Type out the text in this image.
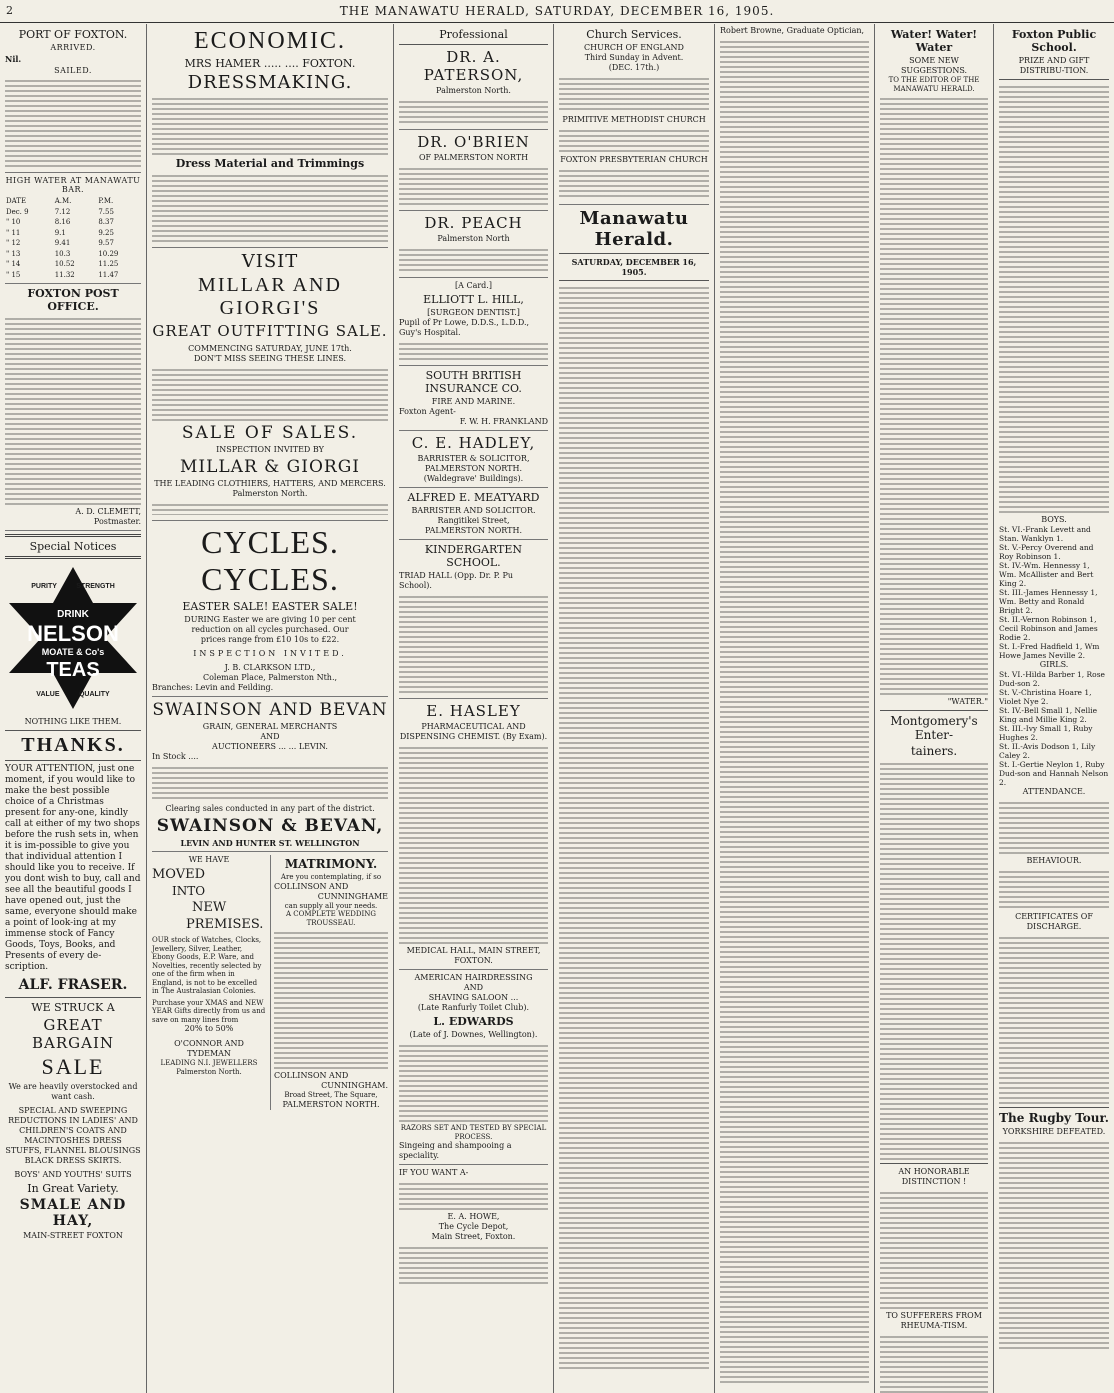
2	THE MANAWATU HERALD, SATURDAY, DECEMBER 16, 1905.
PORT OF FOXTON.
ARRIVED.
Nil.
SAILED.
HIGH WATER AT MANAWATU BAR.
DATE	A.M.	P.M.
Dec. 9	7.12	7.55
" 10	8.16	8.37
" 11	9.1	9.25
" 12	9.41	9.57
" 13	10.3	10.29
" 14	10.52	11.25
" 15	11.32	11.47
FOXTON POST OFFICE.
A. D. CLEMETT,
Postmaster.
Special Notices
PURITY	STRENGTH
DRINK
NELSON
MOATE & Co's
TEAS
VALUE	QUALITY
NOTHING LIKE THEM.
THANKS.
YOUR ATTENTION, just one moment, if you would like to make the best possible choice of a Christmas present for any-one, kindly call at either of my two shops before the rush sets in, when it is im-possible to give you that individual attention I should like you to receive. If you dont wish to buy, call and see all the beautiful goods I have opened out, just the same, everyone should make a point of look-ing at my immense stock of Fancy Goods, Toys, Books, and Presents of every de-scription.
ALF. FRASER.
WE STRUCK A
GREAT BARGAIN
SALE
We are heavily overstocked and want cash.
SPECIAL AND SWEEPING REDUCTIONS IN LADIES' AND CHILDREN'S COATS AND MACINTOSHES DRESS STUFFS, FLANNEL BLOUSINGS BLACK DRESS SKIRTS.
BOYS' AND YOUTHS' SUITS
In Great Variety.
SMALE AND HAY,
MAIN-STREET FOXTON
ECONOMIC.
MRS HAMER ..... .... FOXTON.
DRESSMAKING.
Dress Material and Trimmings
VISIT
MILLAR AND GIORGI'S
GREAT OUTFITTING SALE.
COMMENCING SATURDAY, JUNE 17th.
DON'T MISS SEEING THESE LINES.
SALE OF SALES.
INSPECTION INVITED BY
MILLAR & GIORGI
THE LEADING CLOTHIERS, HATTERS, AND MERCERS.
Palmerston North.
CYCLES. CYCLES.
EASTER SALE! EASTER SALE!
DURING Easter we are giving 10 per cent
reduction on all cycles purchased. Our
prices range from £10 10s to £22.
INSPECTION INVITED.
J. B. CLARKSON LTD.,
Coleman Place, Palmerston Nth.,
Branches: Levin and Feilding.
SWAINSON AND BEVAN
GRAIN, GENERAL MERCHANTS
AND
AUCTIONEERS ... ... LEVIN.
In Stock ....
Clearing sales conducted in any part of the district.
SWAINSON & BEVAN,
LEVIN AND HUNTER ST. WELLINGTON
WE HAVE
MOVED
INTO
NEW
PREMISES.
OUR stock of Watches, Clocks, Jewellery, Silver, Leather, Ebony Goods, E.P. Ware, and Novelties, recently selected by one of the firm when in England, is not to be excelled in The Australasian Colonies.
Purchase your XMAS and NEW YEAR Gifts directly from us and save on many lines from
20% to 50%
O'CONNOR AND TYDEMAN
LEADING N.I. JEWELLERS
Palmerston North.
MATRIMONY.
Are you contemplating, if so
COLLINSON AND
CUNNINGHAME
can supply all your needs.
A COMPLETE WEDDING TROUSSEAU.
COLLINSON AND
CUNNINGHAM.
Broad Street, The Square,
PALMERSTON NORTH.
Professional
DR. A. PATERSON,
Palmerston North.
DR. O'BRIEN
OF PALMERSTON NORTH
DR. PEACH
Palmerston North
[A Card.]
ELLIOTT L. HILL,
[SURGEON DENTIST.]
Pupil of Pr Lowe, D.D.S., L.D.D., Guy's Hospital.
SOUTH BRITISH INSURANCE CO.
FIRE AND MARINE.
Foxton Agent-
F. W. H. FRANKLAND
C. E. HADLEY,
BARRISTER & SOLICITOR,
PALMERSTON NORTH.
(Waldegrave' Buildings).
ALFRED E. MEATYARD
BARRISTER AND SOLICITOR.
Rangitikei Street,
PALMERSTON NORTH.
KINDERGARTEN SCHOOL.
TRIAD HALL (Opp. Dr. P. Pu School).
E. HASLEY
PHARMACEUTICAL AND DISPENSING CHEMIST. (By Exam).
MEDICAL HALL, MAIN STREET, FOXTON.
AMERICAN HAIRDRESSING
AND
SHAVING SALOON ...
(Late Ranfurly Toilet Club).
L. EDWARDS
(Late of J. Downes, Wellington).
RAZORS SET AND TESTED BY SPECIAL PROCESS.
Singeing and shampooing a speciality.
IF YOU WANT A-
E. A. HOWE,
The Cycle Depot,
Main Street, Foxton.
Church Services.
CHURCH OF ENGLAND
Third Sunday in Advent.
(DEC. 17th.)
PRIMITIVE METHODIST CHURCH
FOXTON PRESBYTERIAN CHURCH
Manawatu Herald.
SATURDAY, DECEMBER 16, 1905.
Robert Browne, Graduate Optician,	Water! Water! Water
SOME NEW SUGGESTIONS.
TO THE EDITOR OF THE MANAWATU HERALD.
"WATER."
Montgomery's Enter-
tainers.
AN HONORABLE DISTINCTION !
TO SUFFERERS FROM RHEUMA-TISM.
Foxton Public School.
PRIZE AND GIFT DISTRIBU-TION.
BOYS.
St. VI.-Frank Levett and Stan. Wanklyn 1.
St. V.-Percy Overend and Roy Robinson 1.
St. IV.-Wm. Hennessy 1, Wm. McAllister and Bert King 2.
St. III.-James Hennessy 1, Wm. Betty and Ronald Bright 2.
St. II.-Vernon Robinson 1, Cecil Robinson and James Rodie 2.
St. I.-Fred Hadfield 1, Wm Howe James Neville 2.
GIRLS.
St. VI.-Hilda Barber 1, Rose Dud-son 2.
St. V.-Christina Hoare 1, Violet Nye 2.
St. IV.-Bell Small 1, Nellie King and Millie King 2.
St. III.-Ivy Small 1, Ruby Hughes 2.
St. II.-Avis Dodson 1, Lily Caley 2.
St. I.-Gertie Neylon 1, Ruby Dud-son and Hannah Nelson 2.
ATTENDANCE.
BEHAVIOUR.
CERTIFICATES OF DISCHARGE.
The Rugby Tour.
YORKSHIRE DEFEATED.
